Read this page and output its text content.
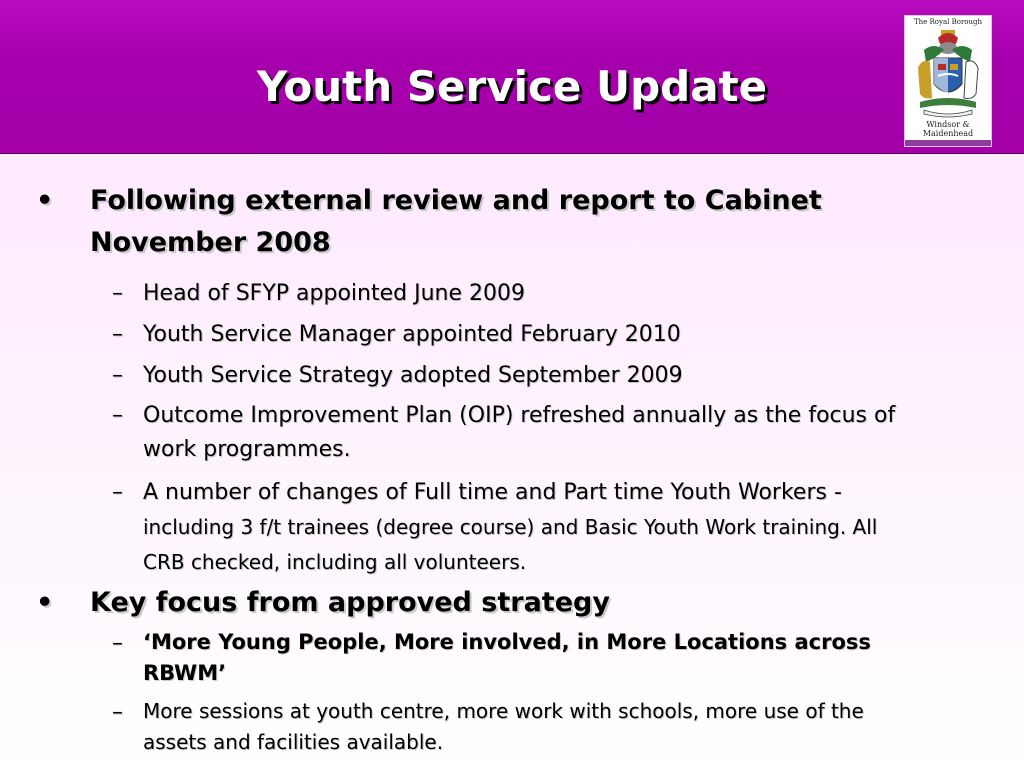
Youth Service Update
The Royal Borough
Windsor &
Maidenhead
• Following external review and report to Cabinet
November 2008
– Head of SFYP appointed June 2009
– Youth Service Manager appointed February 2010
– Youth Service Strategy adopted September 2009
– Outcome Improvement Plan (OIP) refreshed annually as the focus of
work programmes.
– A number of changes of Full time and Part time Youth Workers -
including 3 f/t trainees (degree course) and Basic Youth Work training. All
CRB checked, including all volunteers.
• Key focus from approved strategy
– ‘More Young People, More involved, in More Locations across
RBWM’
– More sessions at youth centre, more work with schools, more use of the
assets and facilities available.
